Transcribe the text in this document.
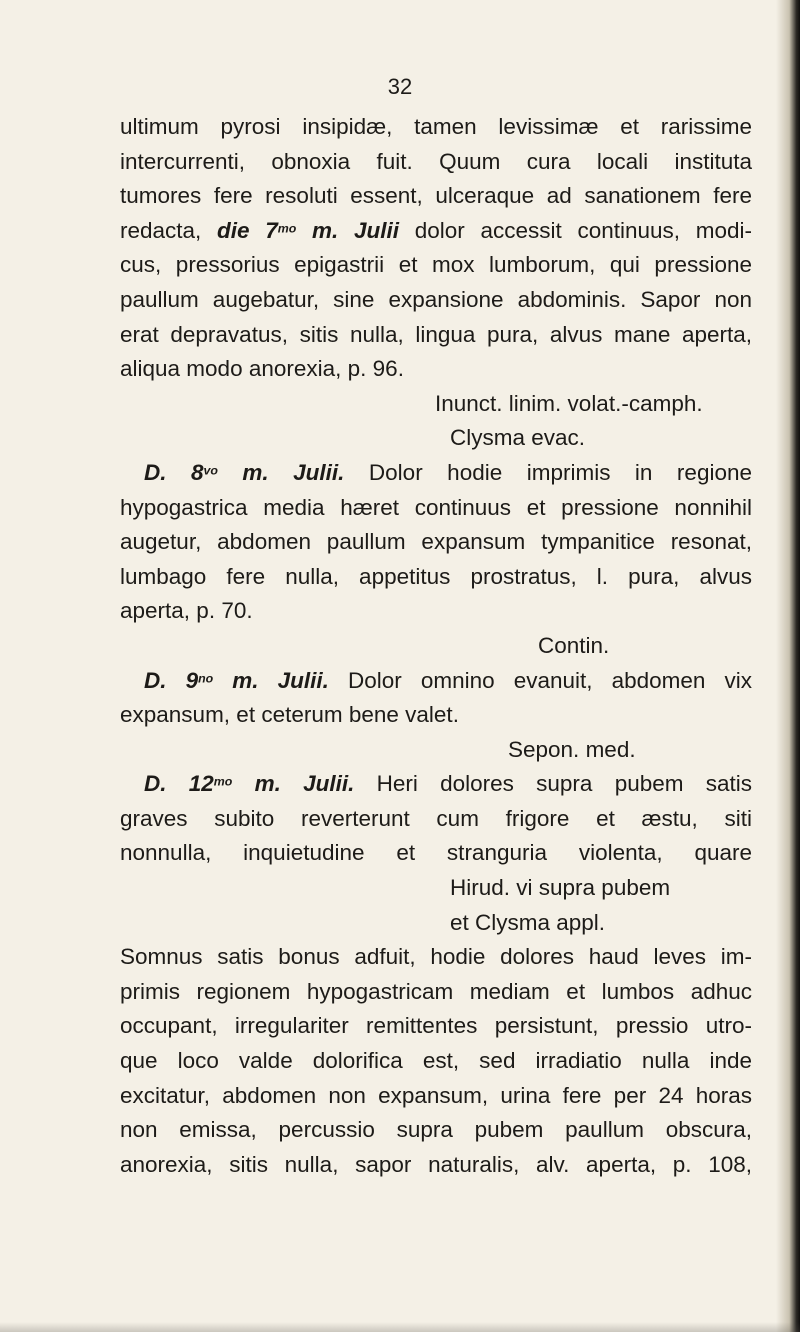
32
ultimum pyrosi insipidæ, tamen levissimæ et rarissime
intercurrenti, obnoxia fuit. Quum cura locali instituta
tumores fere resoluti essent, ulceraque ad sanationem fere
redacta, die $7^{mo}$ m. Julii dolor accessit continuus, modi-
cus, pressorius epigastrii et mox lumborum, qui pressione
paullum augebatur, sine expansione abdominis. Sapor non
erat depravatus, sitis nulla, lingua pura, alvus mane aperta,
aliqua modo anorexia, p. 96.
Inunct. linim. volat.-camph.
Clysma evac.
D. $8^{vo}$ m. Julii. Dolor hodie imprimis in regione
hypogastrica media hæret continuus et pressione nonnihil
augetur, abdomen paullum expansum tympanitice resonat,
lumbago fere nulla, appetitus prostratus, l. pura, alvus
aperta, p. 70.
Contin.
D. $9^{no}$ m. Julii. Dolor omnino evanuit, abdomen vix
expansum, et ceterum bene valet.
Sepon. med.
D. $12^{mo}$ m. Julii. Heri dolores supra pubem satis
graves subito reverterunt cum frigore et æstu, siti
nonnulla, inquietudine et stranguria violenta, quare
Hirud. vi supra pubem
et Clysma appl.
Somnus satis bonus adfuit, hodie dolores haud leves im-
primis regionem hypogastricam mediam et lumbos adhuc
occupant, irregulariter remittentes persistunt, pressio utro-
que loco valde dolorifica est, sed irradiatio nulla inde
excitatur, abdomen non expansum, urina fere per 24 horas
non emissa, percussio supra pubem paullum obscura,
anorexia, sitis nulla, sapor naturalis, alv. aperta, p. 108,
